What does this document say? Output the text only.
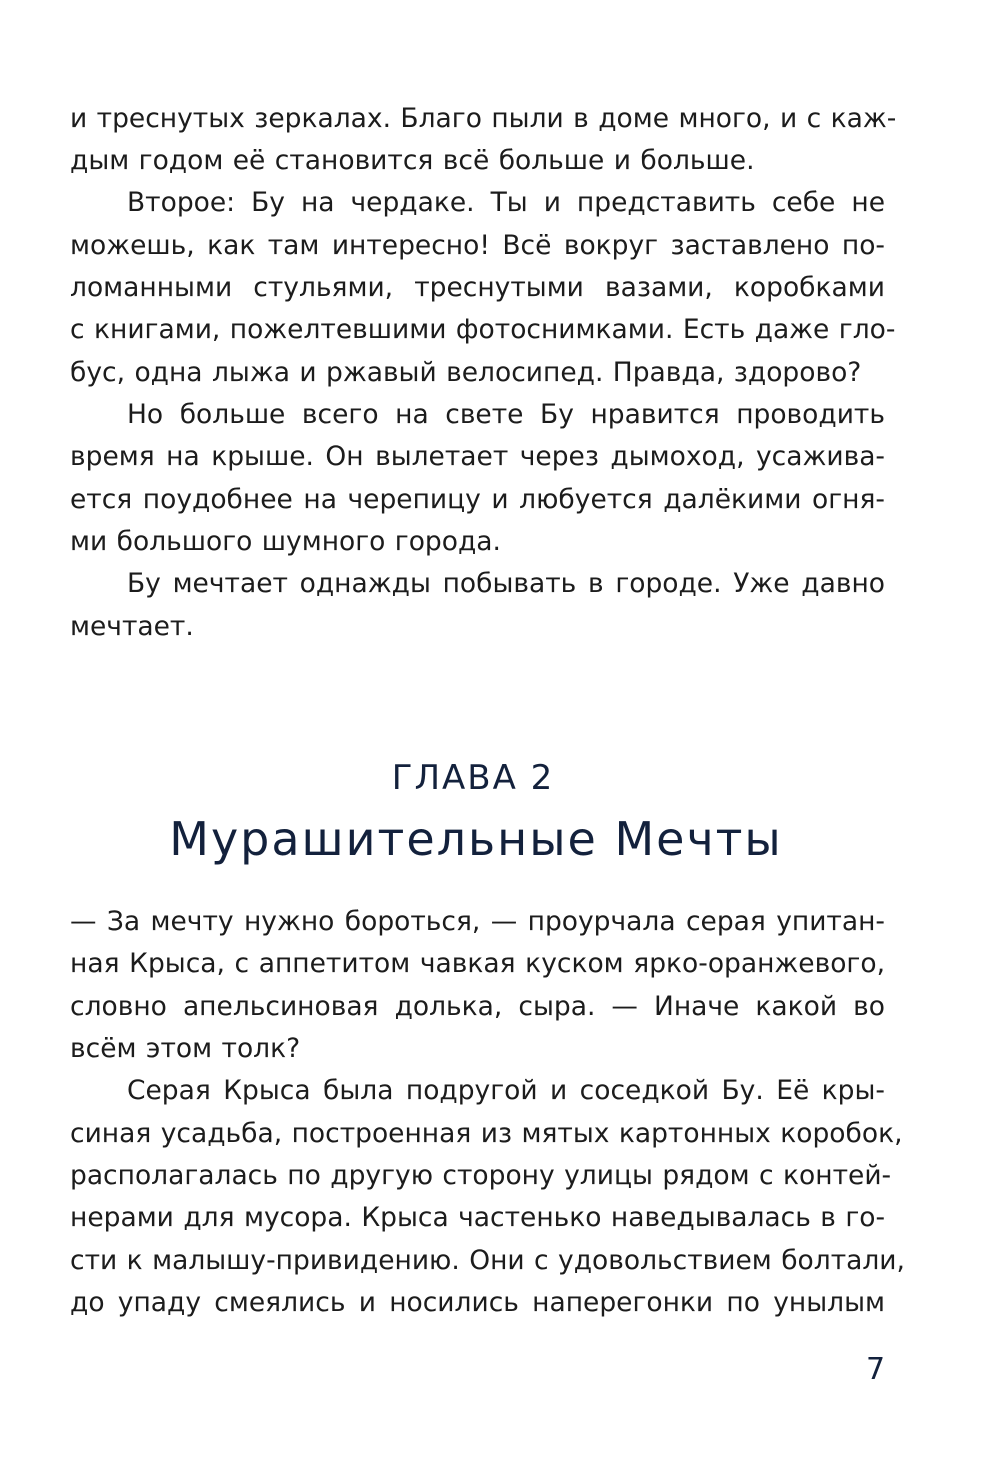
и треснутых зеркалах. Благо пыли в доме много, и с каж-
дым годом её становится всё больше и больше.
Второе: Бу на чердаке. Ты и представить себе не
можешь, как там интересно! Всё вокруг заставлено по-
ломанными стульями, треснутыми вазами, коробками
с книгами, пожелтевшими фотоснимками. Есть даже гло-
бус, одна лыжа и ржавый велосипед. Правда, здорово?
Но больше всего на свете Бу нравится проводить
время на крыше. Он вылетает через дымоход, усажива-
ется поудобнее на черепицу и любуется далёкими огня-
ми большого шумного города.
Бу мечтает однажды побывать в городе. Уже давно
мечтает.
ГЛАВА 2
Мурашительные Мечты
— За мечту нужно бороться, — проурчала серая упитан-
ная Крыса, с аппетитом чавкая куском ярко-оранжевого,
словно апельсиновая долька, сыра. — Иначе какой во
всём этом толк?
Серая Крыса была подругой и соседкой Бу. Её кры-
синая усадьба, построенная из мятых картонных коробок,
располагалась по другую сторону улицы рядом с контей-
нерами для мусора. Крыса частенько наведывалась в го-
сти к малышу-привидению. Они с удовольствием болтали,
до упаду смеялись и носились наперегонки по унылым
7
